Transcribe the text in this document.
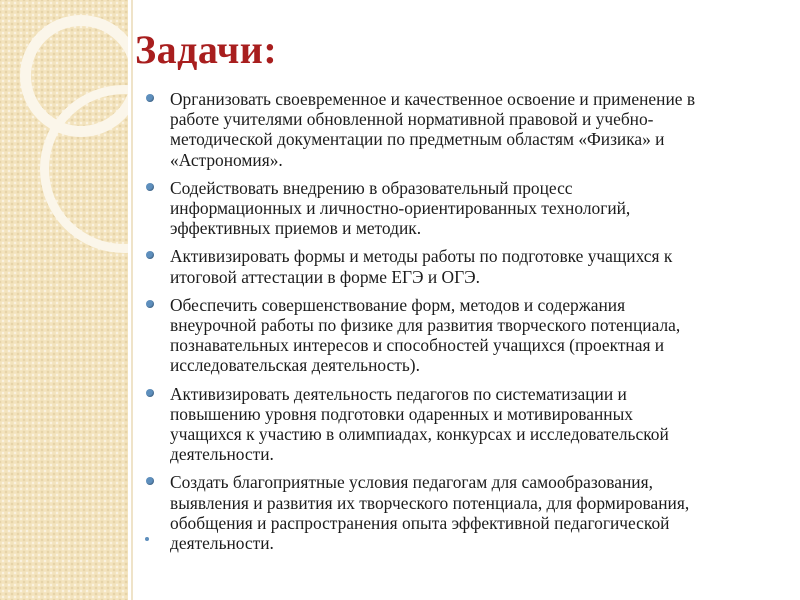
Задачи:
Организовать своевременное и качественное освоение и применение в
работе учителями обновленной нормативной правовой и учебно-
методической документации по предметным областям «Физика» и
«Астрономия».
Содействовать внедрению в образовательный процесс
информационных и личностно-ориентированных технологий,
эффективных приемов и методик.
Активизировать формы и методы работы по подготовке учащихся к
итоговой аттестации в форме ЕГЭ и ОГЭ.
Обеспечить совершенствование форм, методов и содержания
внеурочной работы по физике для развития творческого потенциала,
познавательных интересов и способностей учащихся (проектная и
исследовательская деятельность).
Активизировать деятельность педагогов по систематизации и
повышению уровня подготовки одаренных и мотивированных
учащихся к участию в олимпиадах, конкурсах и исследовательской
деятельности.
Создать благоприятные условия педагогам для самообразования,
выявления и развития их творческого потенциала, для формирования,
обобщения и распространения опыта эффективной педагогической
деятельности.
